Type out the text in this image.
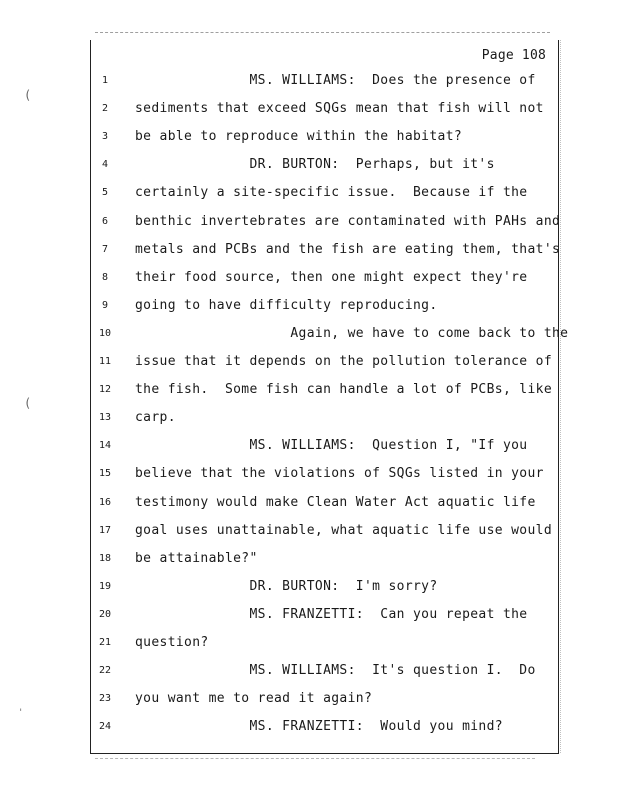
(
(
'
Page 108
1	MS. WILLIAMS:  Does the presence of
2	sediments that exceed SQGs mean that fish will not
3	be able to reproduce within the habitat?
4	DR. BURTON:  Perhaps, but it's
5	certainly a site-specific issue.  Because if the
6	benthic invertebrates are contaminated with PAHs and
7	metals and PCBs and the fish are eating them, that's
8	their food source, then one might expect they're
9	going to have difficulty reproducing.
10 Again, we have to come back to the
11 issue that it depends on the pollution tolerance of
12 the fish.  Some fish can handle a lot of PCBs, like
13 carp.
14 MS. WILLIAMS:  Question I, "If you
15 believe that the violations of SQGs listed in your
16 testimony would make Clean Water Act aquatic life
17 goal uses unattainable, what aquatic life use would
18 be attainable?"
19 DR. BURTON:  I'm sorry?
20 MS. FRANZETTI:  Can you repeat the
21 question?
22 MS. WILLIAMS:  It's question I.  Do
23 you want me to read it again?
24 MS. FRANZETTI:  Would you mind?
